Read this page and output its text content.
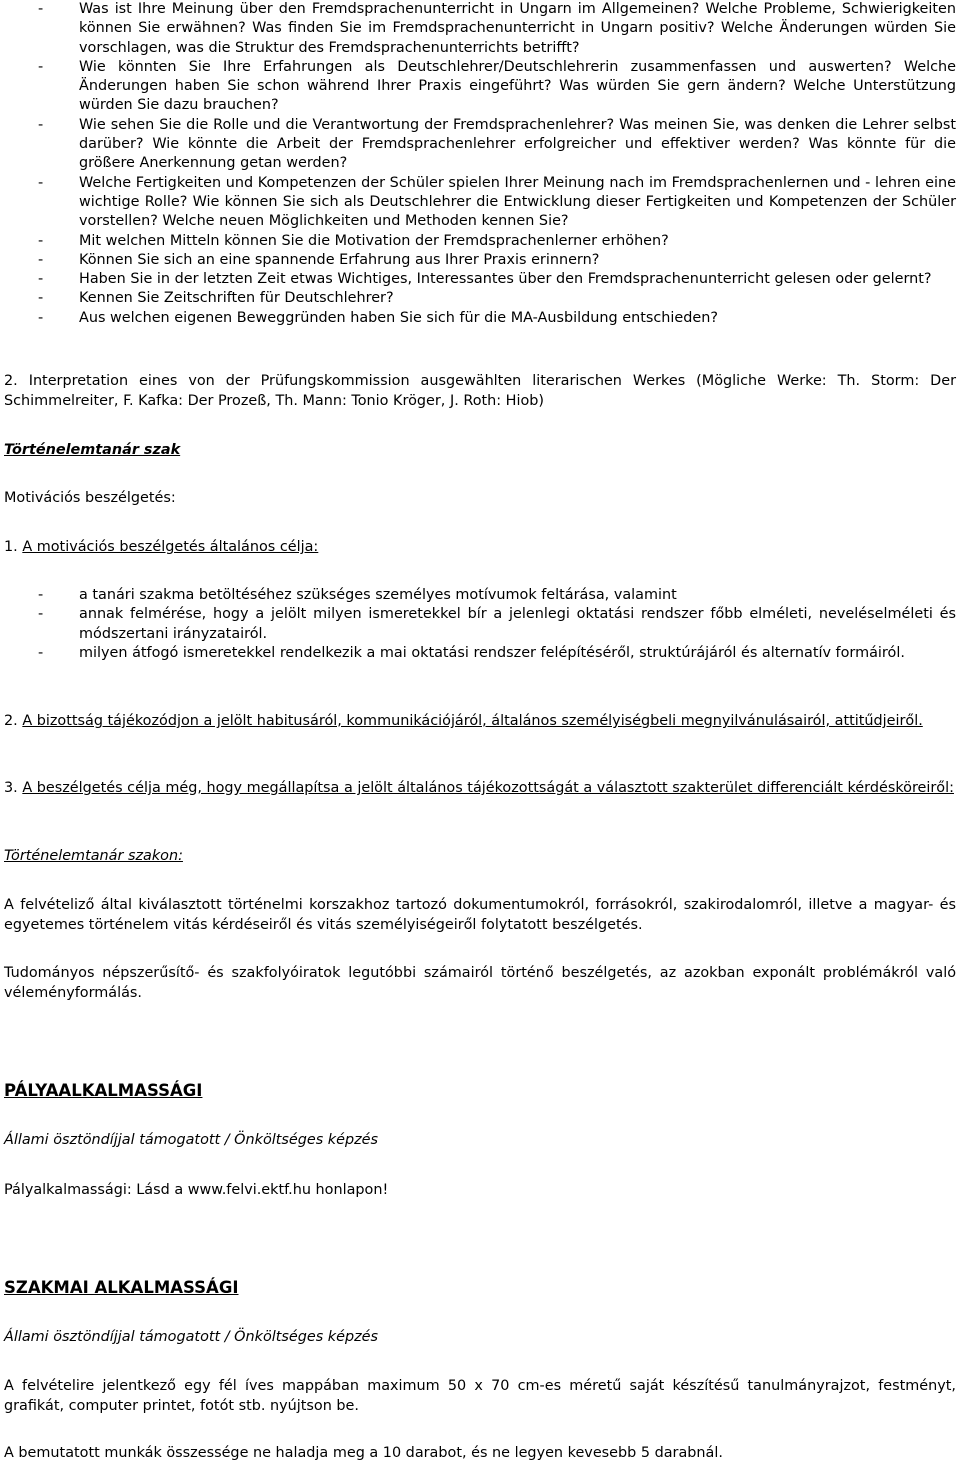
-	Was ist Ihre Meinung über den Fremdsprachenunterricht in Ungarn im Allgemeinen? Welche Probleme, Schwierigkeiten können Sie erwähnen? Was finden Sie im Fremdsprachenunterricht in Ungarn positiv? Welche Änderungen würden Sie vorschlagen, was die Struktur des Fremdsprachenunterrichts betrifft?
-	Wie könnten Sie Ihre Erfahrungen als Deutschlehrer/Deutschlehrerin zusammenfassen und auswerten? Welche Änderungen haben Sie schon während Ihrer Praxis eingeführt? Was würden Sie gern ändern? Welche Unterstützung würden Sie dazu brauchen?
-	Wie sehen Sie die Rolle und die Verantwortung der Fremdsprachenlehrer? Was meinen Sie, was denken die Lehrer selbst darüber? Wie könnte die Arbeit der Fremdsprachenlehrer erfolgreicher und effektiver werden? Was könnte für die größere Anerkennung getan werden?
-	Welche Fertigkeiten und Kompetenzen der Schüler spielen Ihrer Meinung nach im Fremdsprachenlernen und - lehren eine wichtige Rolle? Wie können Sie sich als Deutschlehrer die Entwicklung dieser Fertigkeiten und Kompetenzen der Schüler vorstellen? Welche neuen Möglichkeiten und Methoden kennen Sie?
-	Mit welchen Mitteln können Sie die Motivation der Fremdsprachenlerner erhöhen?
-	Können Sie sich an eine spannende Erfahrung aus Ihrer Praxis erinnern?
-	Haben Sie in der letzten Zeit etwas Wichtiges, Interessantes über den Fremdsprachenunterricht gelesen oder gelernt?
-	Kennen Sie Zeitschriften für Deutschlehrer?
-	Aus welchen eigenen Beweggründen haben Sie sich für die MA-Ausbildung entschieden?
2. Interpretation eines von der Prüfungskommission ausgewählten literarischen Werkes (Mögliche Werke: Th. Storm: Der Schimmelreiter, F. Kafka: Der Prozeß, Th. Mann: Tonio Kröger, J. Roth: Hiob)
Történelemtanár szak
Motivációs beszélgetés:
1. A motivációs beszélgetés általános célja:
-	a tanári szakma betöltéséhez szükséges személyes motívumok feltárása, valamint
-	annak felmérése, hogy a jelölt milyen ismeretekkel bír a jelenlegi oktatási rendszer főbb elméleti, neveléselméleti és módszertani irányzatairól.
-	milyen átfogó ismeretekkel rendelkezik a mai oktatási rendszer felépítéséről, struktúrájáról és alternatív formáiról.
2. A bizottság tájékozódjon a jelölt habitusáról, kommunikációjáról, általános személyiségbeli megnyilvánulásairól, attitűdjeiről.
3. A beszélgetés célja még, hogy megállapítsa a jelölt általános tájékozottságát a választott szakterület differenciált kérdésköreiről:
Történelemtanár szakon:
A felvételiző által kiválasztott történelmi korszakhoz tartozó dokumentumokról, forrásokról, szakirodalomról, illetve a magyar- és egyetemes történelem vitás kérdéseiről és vitás személyiségeiről folytatott beszélgetés.
Tudományos népszerűsítő- és szakfolyóiratok legutóbbi számairól történő beszélgetés, az azokban exponált problémákról való véleményformálás.
PÁLYAALKALMASSÁGI
Állami ösztöndíjjal támogatott / Önköltséges képzés
Pályalkalmassági: Lásd a www.felvi.ektf.hu honlapon!
SZAKMAI ALKALMASSÁGI
Állami ösztöndíjjal támogatott / Önköltséges képzés
A felvételire jelentkező egy fél íves mappában maximum 50 x 70 cm-es méretű saját készítésű tanulmányrajzot, festményt, grafikát, computer printet, fotót stb. nyújtson be.
A bemutatott munkák összessége ne haladja meg a 10 darabot, és ne legyen kevesebb 5 darabnál.
